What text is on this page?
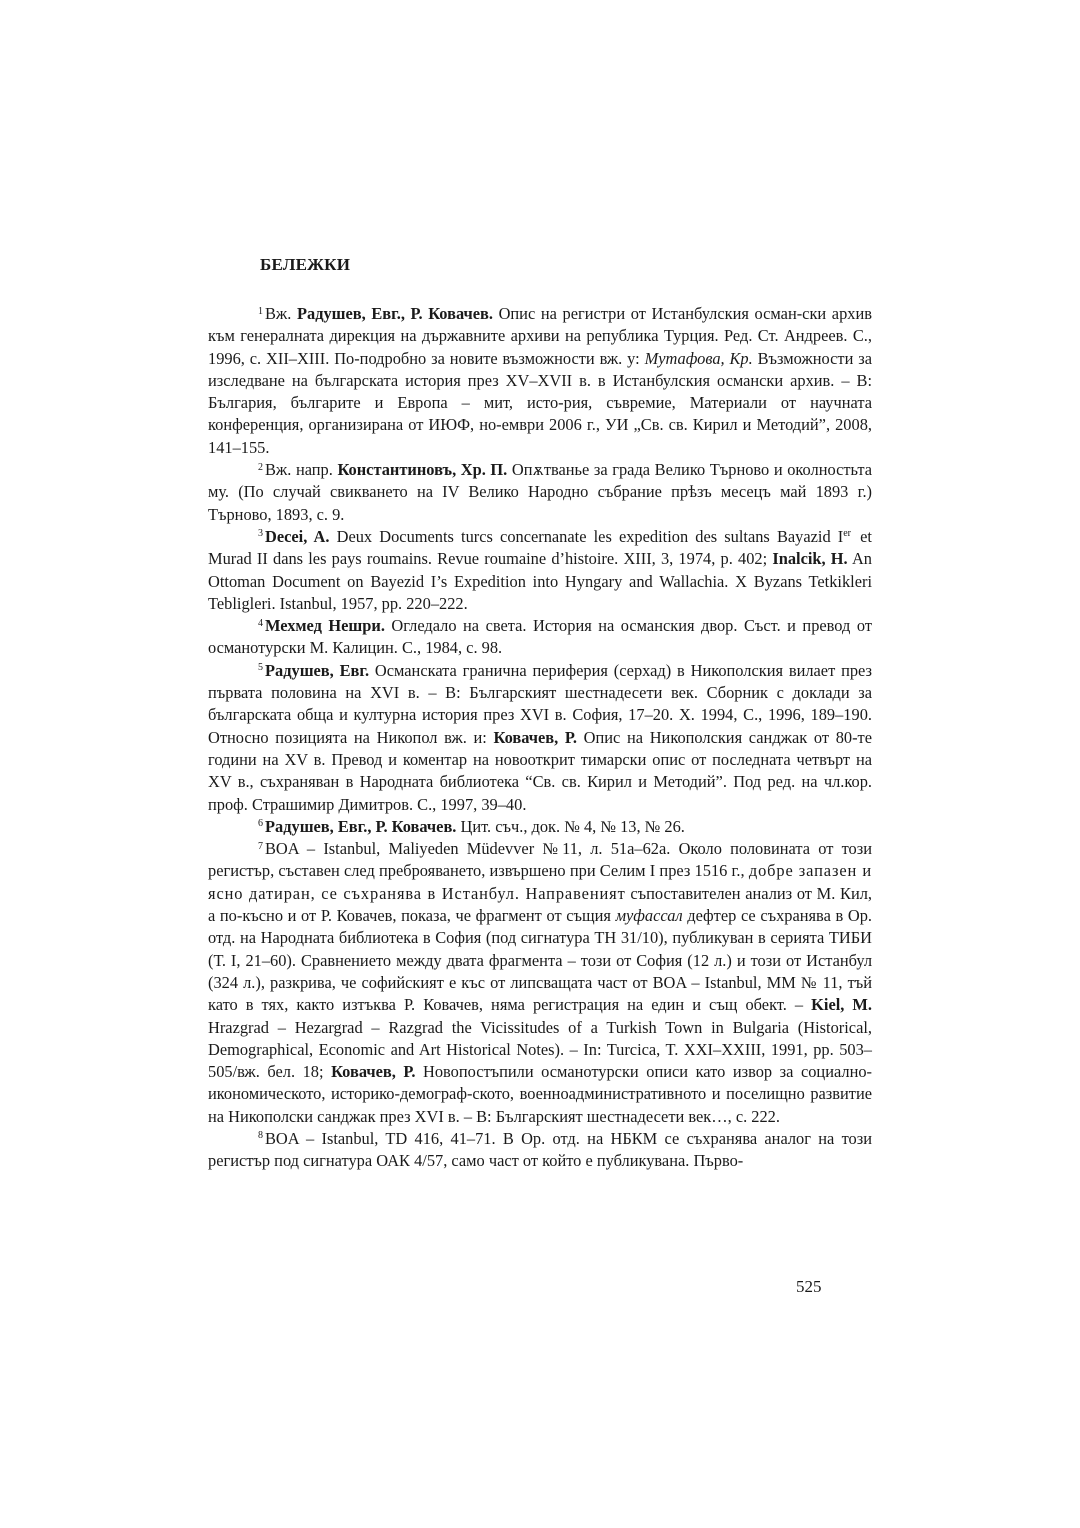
БЕЛЕЖКИ

$^1$ Вж. Радушев, Евг., Р. Ковачев. Опис на регистри от Истанбулския осман-ски архив към генералната дирекция на държавните архиви на република Турция. Ред. Ст. Андреев. С., 1996, с. XII–XIII. По-подробно за новите възможности вж. у: Мутафова, Кр. Възможности за изследване на българската история през XV–XVII в. в Истанбулския османски архив. – В: България, българите и Европа – мит, исто-рия, съвремие, Материали от научната конференция, организирана от ИЮФ, но-ември 2006 г., УИ „Св. св. Кирил и Методий”, 2008, 141–155.

$^2$ Вж. напр. Константиновъ, Хр. П. Опѫтванье за града Велико Търново и околностьта му. (По случай свикването на IV Велико Народно събрание прѣзъ месецъ май 1893 г.) Търново, 1893, с. 9.

$^3$ Decei, A. Deux Documents turcs concernanate les expedition des sultans Bayazid Ier et Murad II dans les pays roumains. Revue roumaine d’histoire. XIII, 3, 1974, p. 402; Inalcik, H. An Ottoman Document on Bayezid I’s Expedition into Hyngary and Wallachia. X Byzans Tetkikleri Tebligleri. Istanbul, 1957, pp. 220–222.

$^4$ Мехмед Нешри. Огледало на света. История на османския двор. Съст. и превод от османотурски М. Калицин. С., 1984, с. 98.

$^5$ Радушев, Евг. Османската гранична периферия (серхад) в Никополския вилает през първата половина на XVI в. – В: Българският шестнадесети век. Сборник с доклади за българската обща и културна история през XVI в. София, 17–20. X. 1994, С., 1996, 189–190. Относно позицията на Никопол вж. и: Ковачев, Р. Опис на Никополския санджак от 80-те години на XV в. Превод и коментар на новооткрит тимарски опис от последната четвърт на XV в., съхраняван в Народната библиотека “Св. св. Кирил и Методий”. Под ред. на чл.кор. проф. Страшимир Димитров. С., 1997, 39–40.

$^6$ Радушев, Евг., Р. Ковачев. Цит. съч., док. № 4, № 13, № 26.

$^7$ BOA – Istanbul, Maliyeden Müdevver №11, л. 51а–62а. Около половината от този регистър, съставен след преброяването, извършено при Селим I през 1516 г., добре запазен и ясно датиран, се съхранява в Истанбул. Направеният съпоставителен анализ от М. Кил, а по-късно и от Р. Ковачев, показа, че фрагмент от същия муфассал дефтер се съхранява в Ор. отд. на Народната библиотека в София (под сигнатура ТН 31/10), публикуван в серията ТИБИ (Т. I, 21–60). Сравнението между двата фрагмента – този от София (12 л.) и този от Истанбул (324 л.), разкрива, че софийският е къс от липсващата част от BOA – Istanbul, MM № 11, тъй като в тях, както изтъква Р. Ковачев, няма регистрация на един и същ обект. – Kiel, M. Hrazgrad – Hezargrad – Razgrad the Vicissitudes of a Turkish Town in Bulgaria (Historical, Demographical, Economic and Art Historical Notes). – In: Turcica, T. XXI–XXIII, 1991, pp. 503–505/вж. бел. 18; Ковачев, Р. Новопостъпили османотурски описи като извор за социално-икономическото, историко-демограф-ското, военноадминистративното и поселищно развитие на Никополски санджак през XVI в. – В: Българският шестнадесети век…, с. 222.

$^8$ BOA – Istanbul, TD 416, 41–71. В Ор. отд. на НБКМ се съхранява аналог на този регистър под сигнатура ОАК 4/57, само част от който е публикувана. Първо-

525
